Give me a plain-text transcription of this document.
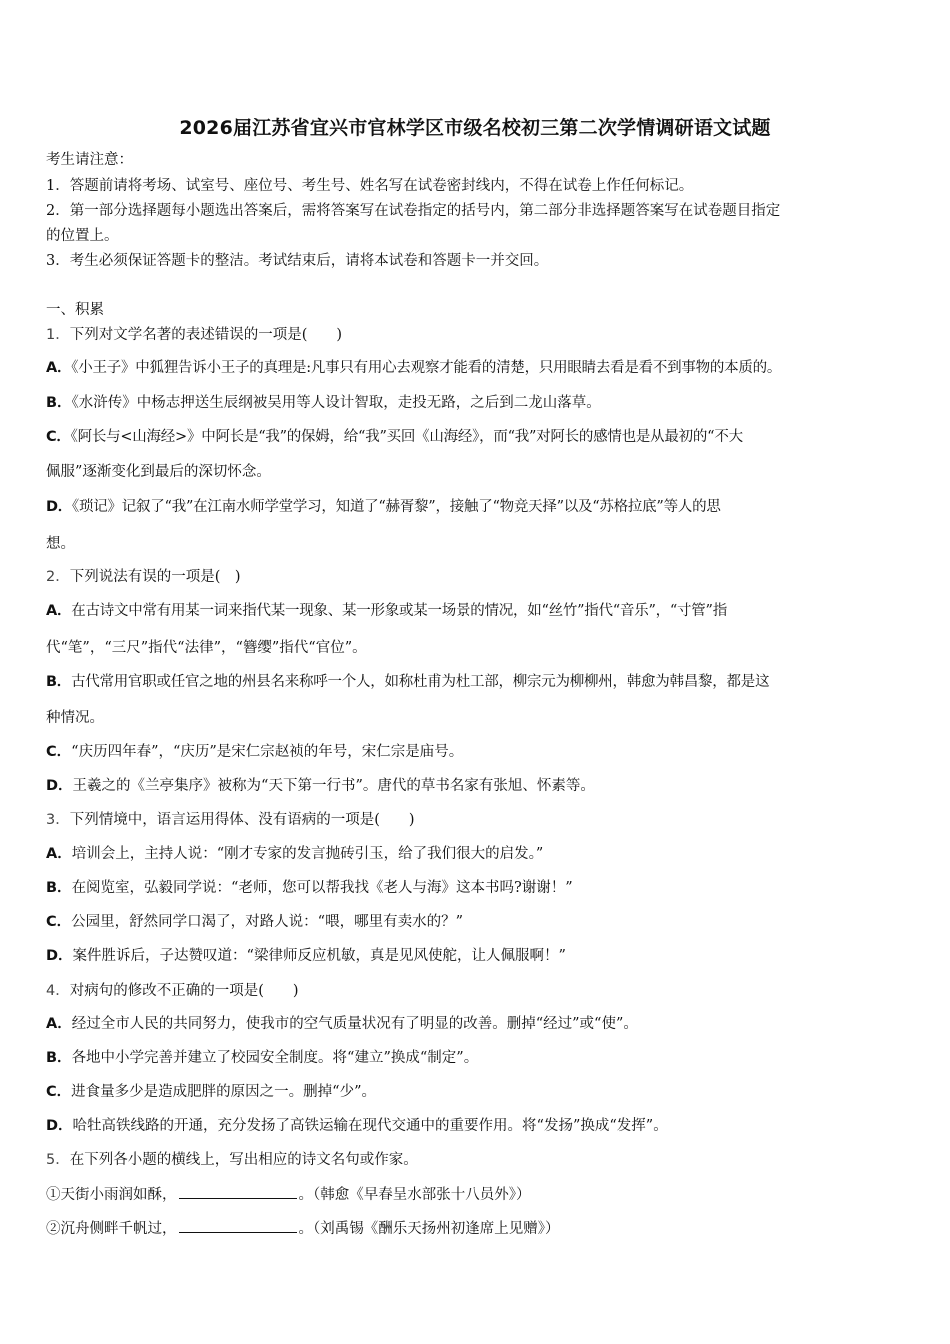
2026届江苏省宜兴市官林学区市级名校初三第二次学情调研语文试题
考生请注意：
1．答题前请将考场、试室号、座位号、考生号、姓名写在试卷密封线内，不得在试卷上作任何标记。
2．第一部分选择题每小题选出答案后，需将答案写在试卷指定的括号内，第二部分非选择题答案写在试卷题目指定
的位置上。
3．考生必须保证答题卡的整洁。考试结束后，请将本试卷和答题卡一并交回。
一、积累
1．下列对文学名著的表述错误的一项是(　　)
A．《小王子》中狐狸告诉小王子的真理是:凡事只有用心去观察才能看的清楚，只用眼睛去看是看不到事物的本质的。
B．《水浒传》中杨志押送生辰纲被吴用等人设计智取，走投无路，之后到二龙山落草。
C．《阿长与<山海经>》中阿长是“我”的保姆，给“我”买回《山海经》，而“我”对阿长的感情也是从最初的“不大
佩服”逐渐变化到最后的深切怀念。
D．《琐记》记叙了“我”在江南水师学堂学习，知道了“赫胥黎”，接触了“物竞天择”以及“苏格拉底”等人的思
想。
2．下列说法有误的一项是(　)
A．在古诗文中常有用某一词来指代某一现象、某一形象或某一场景的情况，如“丝竹”指代“音乐”，“寸管”指
代“笔”，“三尺”指代“法律”，“簪缨”指代“官位”。
B．古代常用官职或任官之地的州县名来称呼一个人，如称杜甫为杜工部，柳宗元为柳柳州，韩愈为韩昌黎，都是这
种情况。
C．“庆历四年春”，“庆历”是宋仁宗赵祯的年号，宋仁宗是庙号。
D．王羲之的《兰亭集序》被称为“天下第一行书”。唐代的草书名家有张旭、怀素等。
3．下列情境中，语言运用得体、没有语病的一项是(　　)
A．培训会上，主持人说：“刚才专家的发言抛砖引玉，给了我们很大的启发。”
B．在阅览室，弘毅同学说：“老师，您可以帮我找《老人与海》这本书吗?谢谢！”
C．公园里，舒然同学口渴了，对路人说：“喂，哪里有卖水的？”
D．案件胜诉后，子达赞叹道：“梁律师反应机敏，真是见风使舵，让人佩服啊！”
4．对病句的修改不正确的一项是(　　)
A．经过全市人民的共同努力，使我市的空气质量状况有了明显的改善。删掉“经过”或“使”。
B．各地中小学完善并建立了校园安全制度。将“建立”换成“制定”。
C．进食量多少是造成肥胖的原因之一。删掉“少”。
D．哈牡高铁线路的开通，充分发扬了高铁运输在现代交通中的重要作用。将“发扬”换成“发挥”。
5．在下列各小题的横线上，写出相应的诗文名句或作家。
①天街小雨润如酥，	。（韩愈《早春呈水部张十八员外》）
②沉舟侧畔千帆过，	。（刘禹锡《酬乐天扬州初逢席上见赠》）
